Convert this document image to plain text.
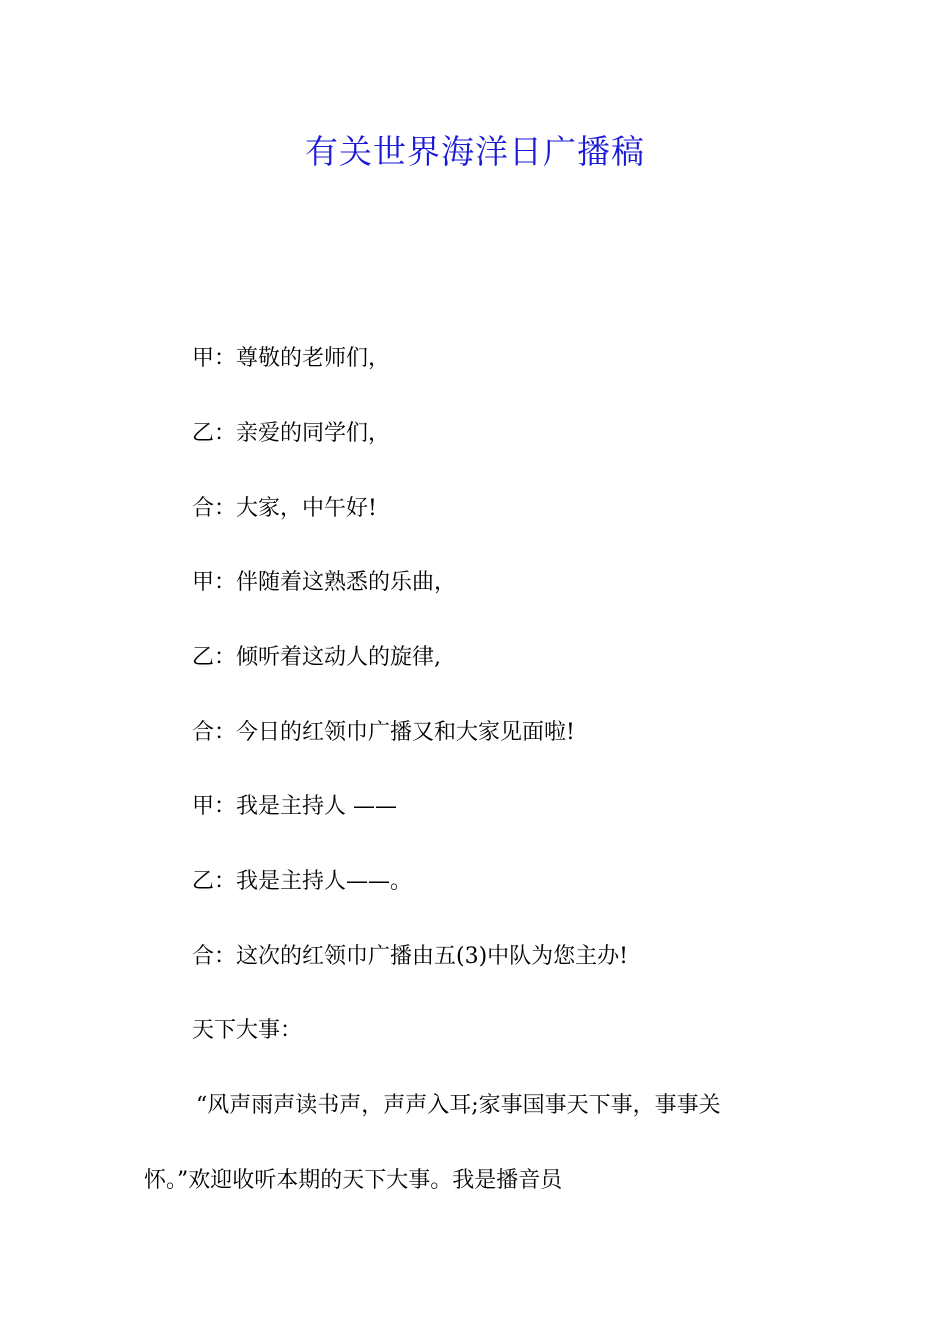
有关世界海洋日广播稿
甲：尊敬的老师们，
乙：亲爱的同学们，
合：大家，中午好!
甲：伴随着这熟悉的乐曲，
乙：倾听着这动人的旋律,
合：今日的红领巾广播又和大家见面啦!
甲：我是主持人 ——
乙：我是主持人——。
合：这次的红领巾广播由五(3)中队为您主办!
天下大事：
“风声雨声读书声，声声入耳;家事国事天下事，事事关
怀。”欢迎收听本期的天下大事。我是播音员
